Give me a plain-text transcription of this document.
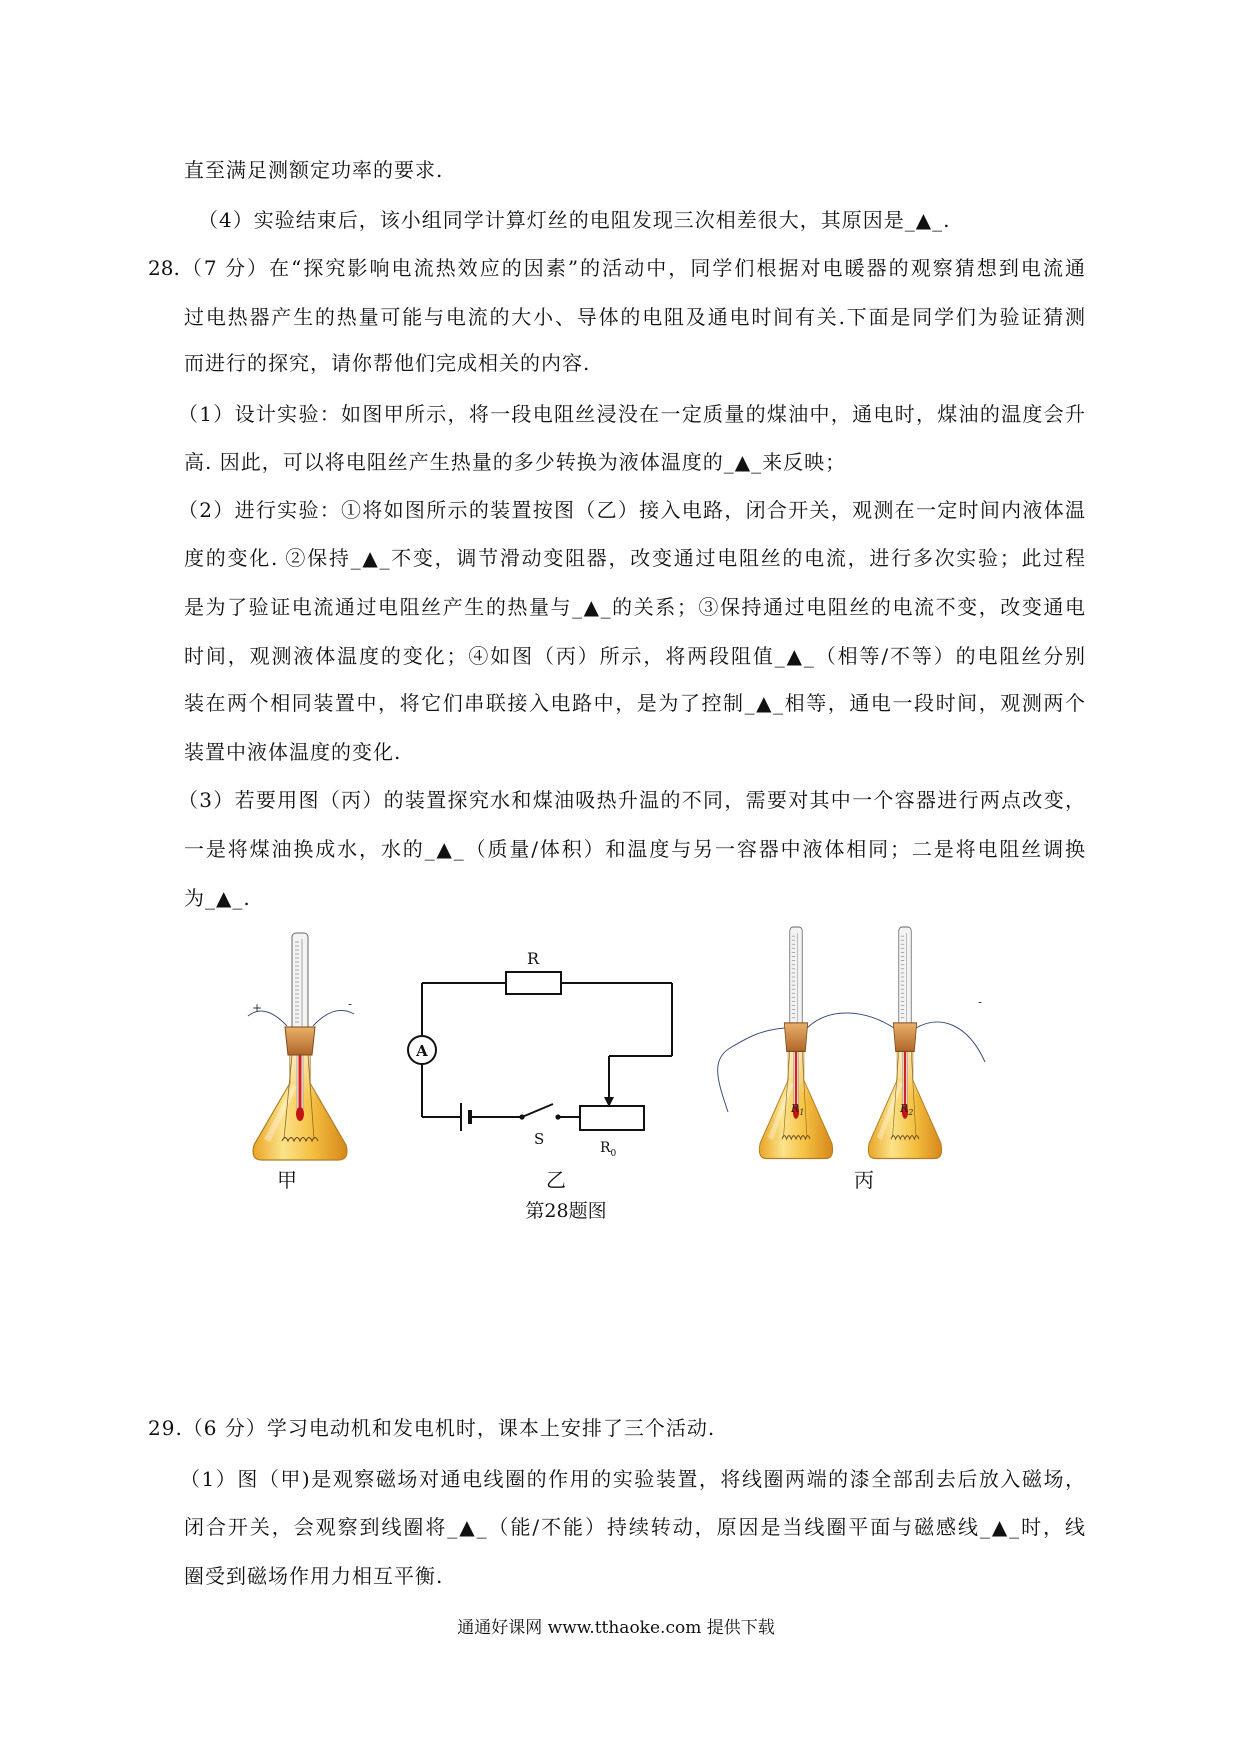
直至满足测额定功率的要求.
（4）实验结束后，该小组同学计算灯丝的电阻发现三次相差很大，其原因是_▲_.
28.（7 分）在“探究影响电流热效应的因素”的活动中，同学们根据对电暖器的观察猜想到电流通
过电热器产生的热量可能与电流的大小、导体的电阻及通电时间有关.下面是同学们为验证猜测
而进行的探究，请你帮他们完成相关的内容.
（1）设计实验：如图甲所示，将一段电阻丝浸没在一定质量的煤油中，通电时，煤油的温度会升
高. 因此，可以将电阻丝产生热量的多少转换为液体温度的_▲_来反映；
（2）进行实验：①将如图所示的装置按图（乙）接入电路，闭合开关，观测在一定时间内液体温
度的变化. ②保持_▲_不变，调节滑动变阻器，改变通过电阻丝的电流，进行多次实验；此过程
是为了验证电流通过电阻丝产生的热量与_▲_的关系；③保持通过电阻丝的电流不变，改变通电
时间，观测液体温度的变化；④如图（丙）所示，将两段阻值_▲_（相等/不等）的电阻丝分别
装在两个相同装置中，将它们串联接入电路中，是为了控制_▲_相等，通电一段时间，观测两个
装置中液体温度的变化.
（3）若要用图（丙）的装置探究水和煤油吸热升温的不同，需要对其中一个容器进行两点改变，
一是将煤油换成水，水的_▲_（质量/体积）和温度与另一容器中液体相同；二是将电阻丝调换
为_▲_.
+	-
R
A
S	$R_0$
$R_1$	$R_2$
-
甲	乙	丙
第28题图
29.（6 分）学习电动机和发电机时，课本上安排了三个活动.
（1）图（甲)是观察磁场对通电线圈的作用的实验装置，将线圈两端的漆全部刮去后放入磁场，
闭合开关，会观察到线圈将_▲_（能/不能）持续转动，原因是当线圈平面与磁感线_▲_时，线
圈受到磁场作用力相互平衡.
通通好课网 www.tthaoke.com 提供下载
